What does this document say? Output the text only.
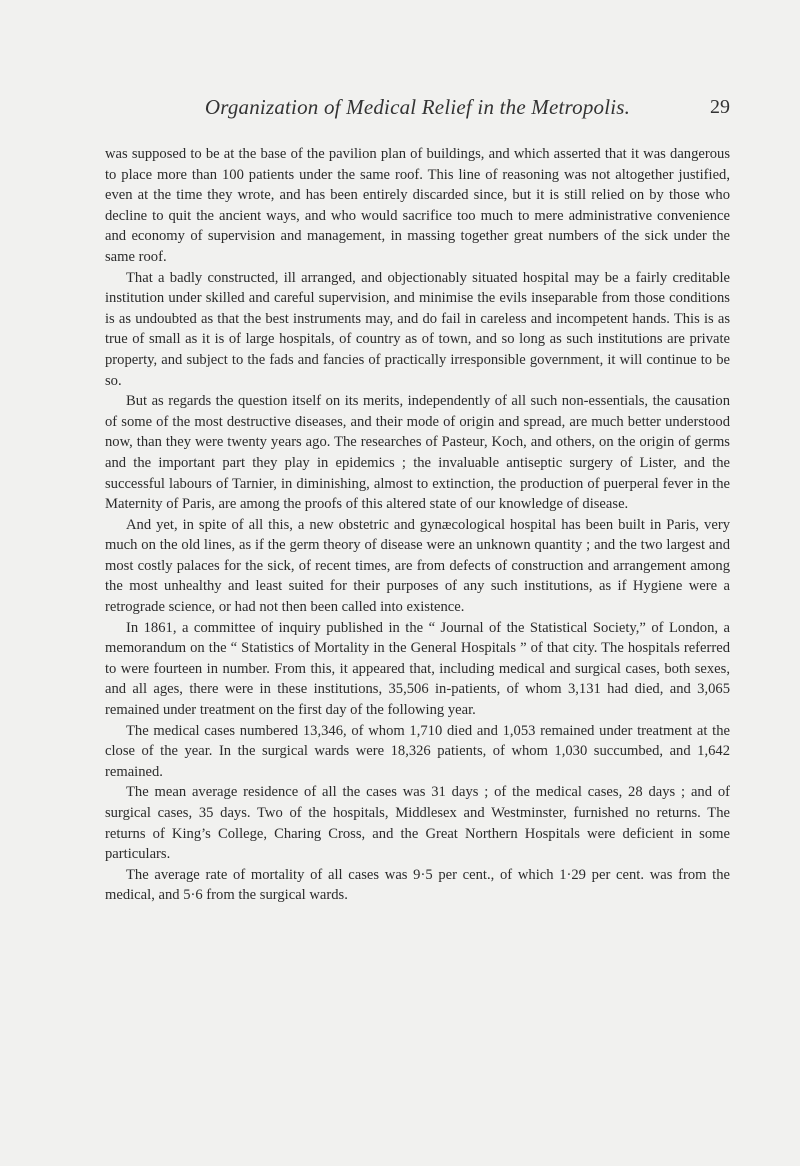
Organization of Medical Relief in the Metropolis.	29

was supposed to be at the base of the pavilion plan of buildings, and which asserted that it was dangerous to place more than 100 patients under the same roof. This line of reasoning was not altogether justified, even at the time they wrote, and has been entirely discarded since, but it is still relied on by those who decline to quit the ancient ways, and who would sacrifice too much to mere administrative convenience and economy of supervision and management, in massing together great numbers of the sick under the same roof.

That a badly constructed, ill arranged, and objectionably situated hospital may be a fairly creditable institution under skilled and careful supervision, and minimise the evils inseparable from those conditions is as undoubted as that the best instruments may, and do fail in careless and incompetent hands. This is as true of small as it is of large hospitals, of country as of town, and so long as such institutions are private property, and subject to the fads and fancies of practically irresponsible government, it will continue to be so.

But as regards the question itself on its merits, independently of all such non-essentials, the causation of some of the most destructive diseases, and their mode of origin and spread, are much better understood now, than they were twenty years ago. The researches of Pasteur, Koch, and others, on the origin of germs and the important part they play in epidemics ; the invaluable antiseptic surgery of Lister, and the successful labours of Tarnier, in diminishing, almost to extinction, the production of puerperal fever in the Maternity of Paris, are among the proofs of this altered state of our knowledge of disease.

And yet, in spite of all this, a new obstetric and gynæcological hospital has been built in Paris, very much on the old lines, as if the germ theory of disease were an unknown quantity ; and the two largest and most costly palaces for the sick, of recent times, are from defects of construction and arrangement among the most unhealthy and least suited for their purposes of any such institutions, as if Hygiene were a retrograde science, or had not then been called into existence.

In 1861, a committee of inquiry published in the “ Journal of the Statistical Society,” of London, a memorandum on the “ Statistics of Mortality in the General Hospitals ” of that city. The hospitals referred to were fourteen in number. From this, it appeared that, including medical and surgical cases, both sexes, and all ages, there were in these institutions, 35,506 in-patients, of whom 3,131 had died, and 3,065 remained under treatment on the first day of the following year.

The medical cases numbered 13,346, of whom 1,710 died and 1,053 remained under treatment at the close of the year. In the surgical wards were 18,326 patients, of whom 1,030 succumbed, and 1,642 remained.

The mean average residence of all the cases was 31 days ; of the medical cases, 28 days ; and of surgical cases, 35 days. Two of the hospitals, Middlesex and Westminster, furnished no returns. The returns of King’s College, Charing Cross, and the Great Northern Hospitals were deficient in some particulars.

The average rate of mortality of all cases was 9·5 per cent., of which 1·29 per cent. was from the medical, and 5·6 from the surgical wards.
